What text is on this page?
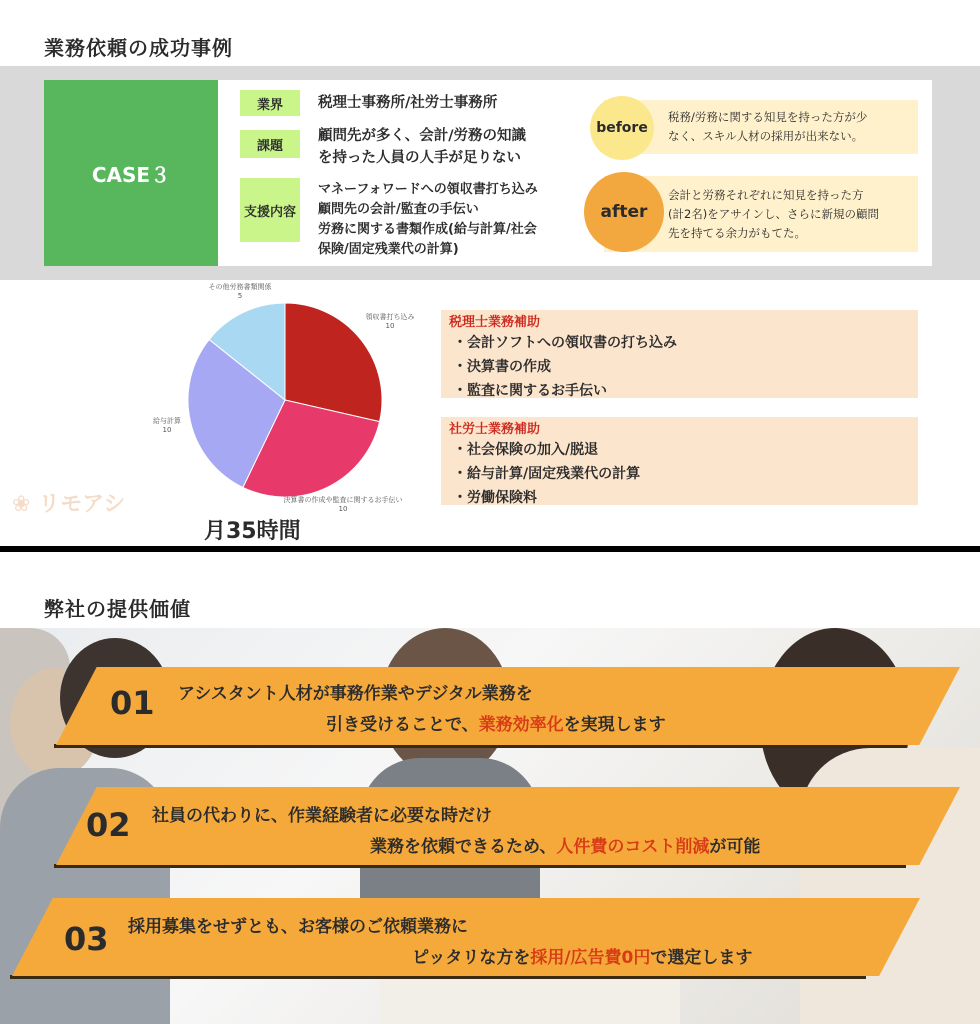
業務依頼の成功事例
CASE３
業界	税理士事務所/社労士事務所
課題
顧問先が多く、会計/労務の知識
を持った人員の人手が足りない
支援内容
マネーフォワードへの領収書打ち込み
顧問先の会計/監査の手伝い
労務に関する書類作成(給与計算/社会
保険/固定残業代の計算)
before
税務/労務に関する知見を持った方が少
なく、スキル人材の採用が出来ない。
after
会計と労務それぞれに知見を持った方
(計2名)をアサインし、さらに新規の顧問
先を持てる余力がもてた。
その他労務書類関係
5
領収書打ち込み
10
給与計算
10
決算書の作成や監査に関するお手伝い
10
❀ リモアシ
月35時間
税理士業務補助
・会計ソフトへの領収書の打ち込み
・決算書の作成
・監査に関するお手伝い
社労士業務補助
・社会保険の加入/脱退
・給与計算/固定残業代の計算
・労働保険料
弊社の提供価値
01 アシスタント人材が事務作業やデジタル業務を
引き受けることで、業務効率化を実現します
02 社員の代わりに、作業経験者に必要な時だけ
業務を依頼できるため、人件費のコスト削減が可能
03 採用募集をせずとも、お客様のご依頼業務に
ピッタリな方を採用/広告費0円で選定します
